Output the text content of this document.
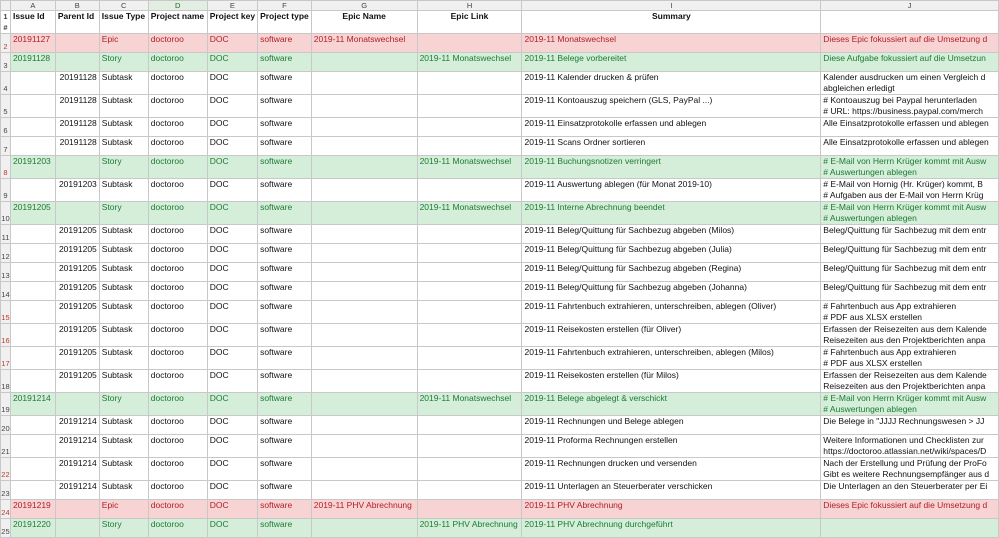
	A	B	C	D	E	F	G	H	I	J

1
#	Issue Id	Parent Id	Issue Type	Project name	Project key	Project type	Epic Name	Epic Link	Summary	
2	20191127		Epic	doctoroo	DOC	software	2019-11 Monatswechsel		2019-11 Monatswechsel	Dieses Epic fokussiert auf die Umsetzung d
3	20191128		Story	doctoroo	DOC	software		2019-11 Monatswechsel	2019-11 Belege vorbereitet	Diese Aufgabe fokussiert auf die Umsetzun
4		20191128	Subtask	doctoroo	DOC	software			2019-11 Kalender drucken & prüfen	Kalender ausdrucken um einen Vergleich d
abgleichen erledigt
5		20191128	Subtask	doctoroo	DOC	software			2019-11 Kontoauszug speichern (GLS, PayPal ...)	# Kontoauszug bei Paypal herunterladen
# URL: https://business.paypal.com/merch
6		20191128	Subtask	doctoroo	DOC	software			2019-11 Einsatzprotokolle erfassen und ablegen	Alle Einsatzprotokolle erfassen und ablegen
7		20191128	Subtask	doctoroo	DOC	software			2019-11 Scans Ordner sortieren	Alle Einsatzprotokolle erfassen und ablegen
8	20191203		Story	doctoroo	DOC	software		2019-11 Monatswechsel	2019-11 Buchungsnotizen verringert	# E-Mail von Herrn Krüger kommt mit Ausw
# Auswertungen ablegen
9		20191203	Subtask	doctoroo	DOC	software			2019-11 Auswertung ablegen (für Monat 2019-10)	# E-Mail von Hornig (Hr. Krüger) kommt, B
# Aufgaben aus der E-Mail von Herrn Krüg
10	20191205		Story	doctoroo	DOC	software		2019-11 Monatswechsel	2019-11 Interne Abrechnung beendet	# E-Mail von Herrn Krüger kommt mit Ausw
# Auswertungen ablegen
11		20191205	Subtask	doctoroo	DOC	software			2019-11 Beleg/Quittung für Sachbezug abgeben (Milos)	Beleg/Quittung für Sachbezug mit dem entr
12		20191205	Subtask	doctoroo	DOC	software			2019-11 Beleg/Quittung für Sachbezug abgeben (Julia)	Beleg/Quittung für Sachbezug mit dem entr
13		20191205	Subtask	doctoroo	DOC	software			2019-11 Beleg/Quittung für Sachbezug abgeben (Regina)	Beleg/Quittung für Sachbezug mit dem entr
14		20191205	Subtask	doctoroo	DOC	software			2019-11 Beleg/Quittung für Sachbezug abgeben (Johanna)	Beleg/Quittung für Sachbezug mit dem entr
15		20191205	Subtask	doctoroo	DOC	software			2019-11 Fahrtenbuch extrahieren, unterschreiben, ablegen (Oliver)	# Fahrtenbuch aus App extrahieren
# PDF aus XLSX erstellen
16		20191205	Subtask	doctoroo	DOC	software			2019-11 Reisekosten erstellen (für Oliver)	Erfassen der Reisezeiten aus dem Kalende
Reisezeiten aus den Projektberichten anpa
17		20191205	Subtask	doctoroo	DOC	software			2019-11 Fahrtenbuch extrahieren, unterschreiben, ablegen (Milos)	# Fahrtenbuch aus App extrahieren
# PDF aus XLSX erstellen
18		20191205	Subtask	doctoroo	DOC	software			2019-11 Reisekosten erstellen (für Milos)	Erfassen der Reisezeiten aus dem Kalende
Reisezeiten aus den Projektberichten anpa
19	20191214		Story	doctoroo	DOC	software		2019-11 Monatswechsel	2019-11 Belege abgelegt & verschickt	# E-Mail von Herrn Krüger kommt mit Ausw
# Auswertungen ablegen
20		20191214	Subtask	doctoroo	DOC	software			2019-11 Rechnungen und Belege ablegen	Die Belege in "JJJJ Rechnungswesen > JJ
21		20191214	Subtask	doctoroo	DOC	software			2019-11 Proforma Rechnungen erstellen	Weitere Informationen und Checklisten zur
https://doctoroo.atlassian.net/wiki/spaces/D
22		20191214	Subtask	doctoroo	DOC	software			2019-11 Rechnungen drucken und versenden	Nach der Erstellung und Prüfung der ProFo
Gibt es weitere Rechnungsempfänger aus d
23		20191214	Subtask	doctoroo	DOC	software			2019-11 Unterlagen an Steuerberater verschicken	Die Unterlagen an den Steuerberater per Ei
24	20191219		Epic	doctoroo	DOC	software	2019-11 PHV Abrechnung		2019-11 PHV Abrechnung	Dieses Epic fokussiert auf die Umsetzung d
25	20191220		Story	doctoroo	DOC	software		2019-11 PHV Abrechnung	2019-11 PHV Abrechnung durchgeführt	
